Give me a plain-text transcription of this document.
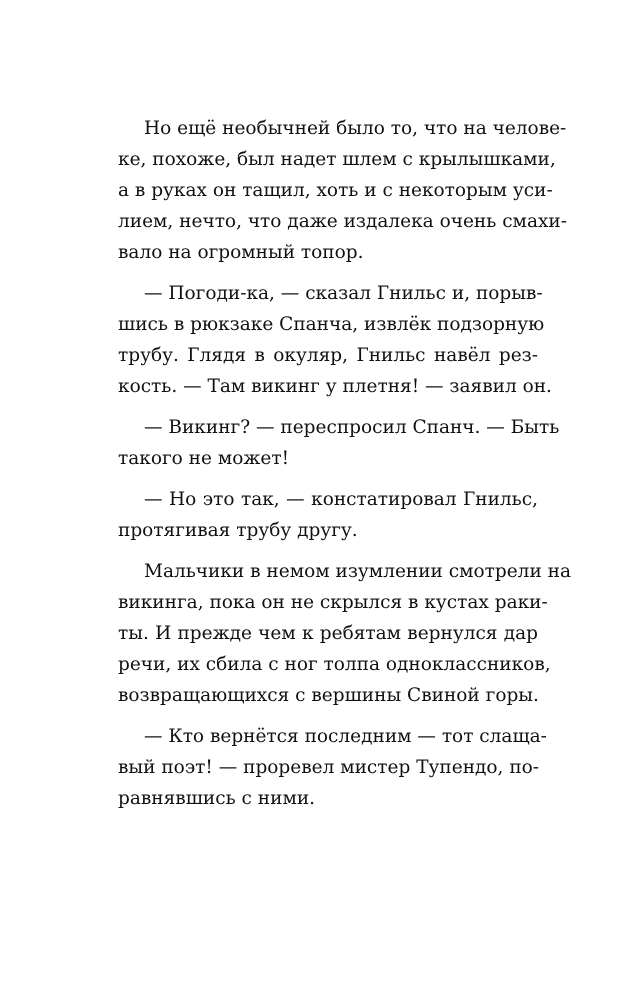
Но ещё необычней было то, что на челове-
ке, похоже, был надет шлем с крылышками,
а в руках он тащил, хоть и с некоторым уси-
лием, нечто, что даже издалека очень смахи-
вало на огромный топор.
— Погоди-ка, — сказал Гнильс и, порыв-
шись в рюкзаке Спанча, извлёк подзорную
трубу. Глядя в окуляр, Гнильс навёл рез-
кость. — Там викинг у плетня! — заявил он.
— Викинг? — переспросил Спанч. — Быть
такого не может!
— Но это так, — констатировал Гнильс,
протягивая трубу другу.
Мальчики в немом изумлении смотрели на
викинга, пока он не скрылся в кустах раки-
ты. И прежде чем к ребятам вернулся дар
речи, их сбила с ног толпа одноклассников,
возвращающихся с вершины Свиной горы.
— Кто вернётся последним — тот слаща-
вый поэт! — проревел мистер Тупендо, по-
равнявшись с ними.
